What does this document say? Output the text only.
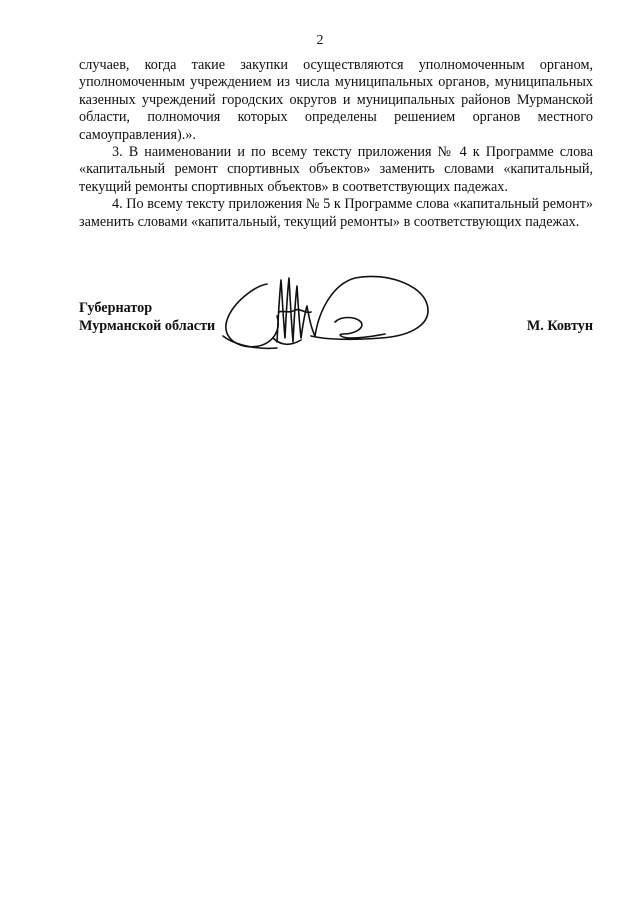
2

случаев, когда такие закупки осуществляются уполномоченным органом, уполномоченным учреждением из числа муниципальных органов, муниципальных казенных учреждений городских округов и муниципальных районов Мурманской области, полномочия которых определены решением органов местного самоуправления).».

3. В наименовании и по всему тексту приложения № 4 к Программе слова «капитальный ремонт спортивных объектов» заменить словами «капитальный, текущий ремонты спортивных объектов» в соответствующих падежах.

4. По всему тексту приложения № 5 к Программе слова «капитальный ремонт» заменить словами «капитальный, текущий ремонты» в соответствующих падежах.

Губернатор
Мурманской области	М. Ковтун
